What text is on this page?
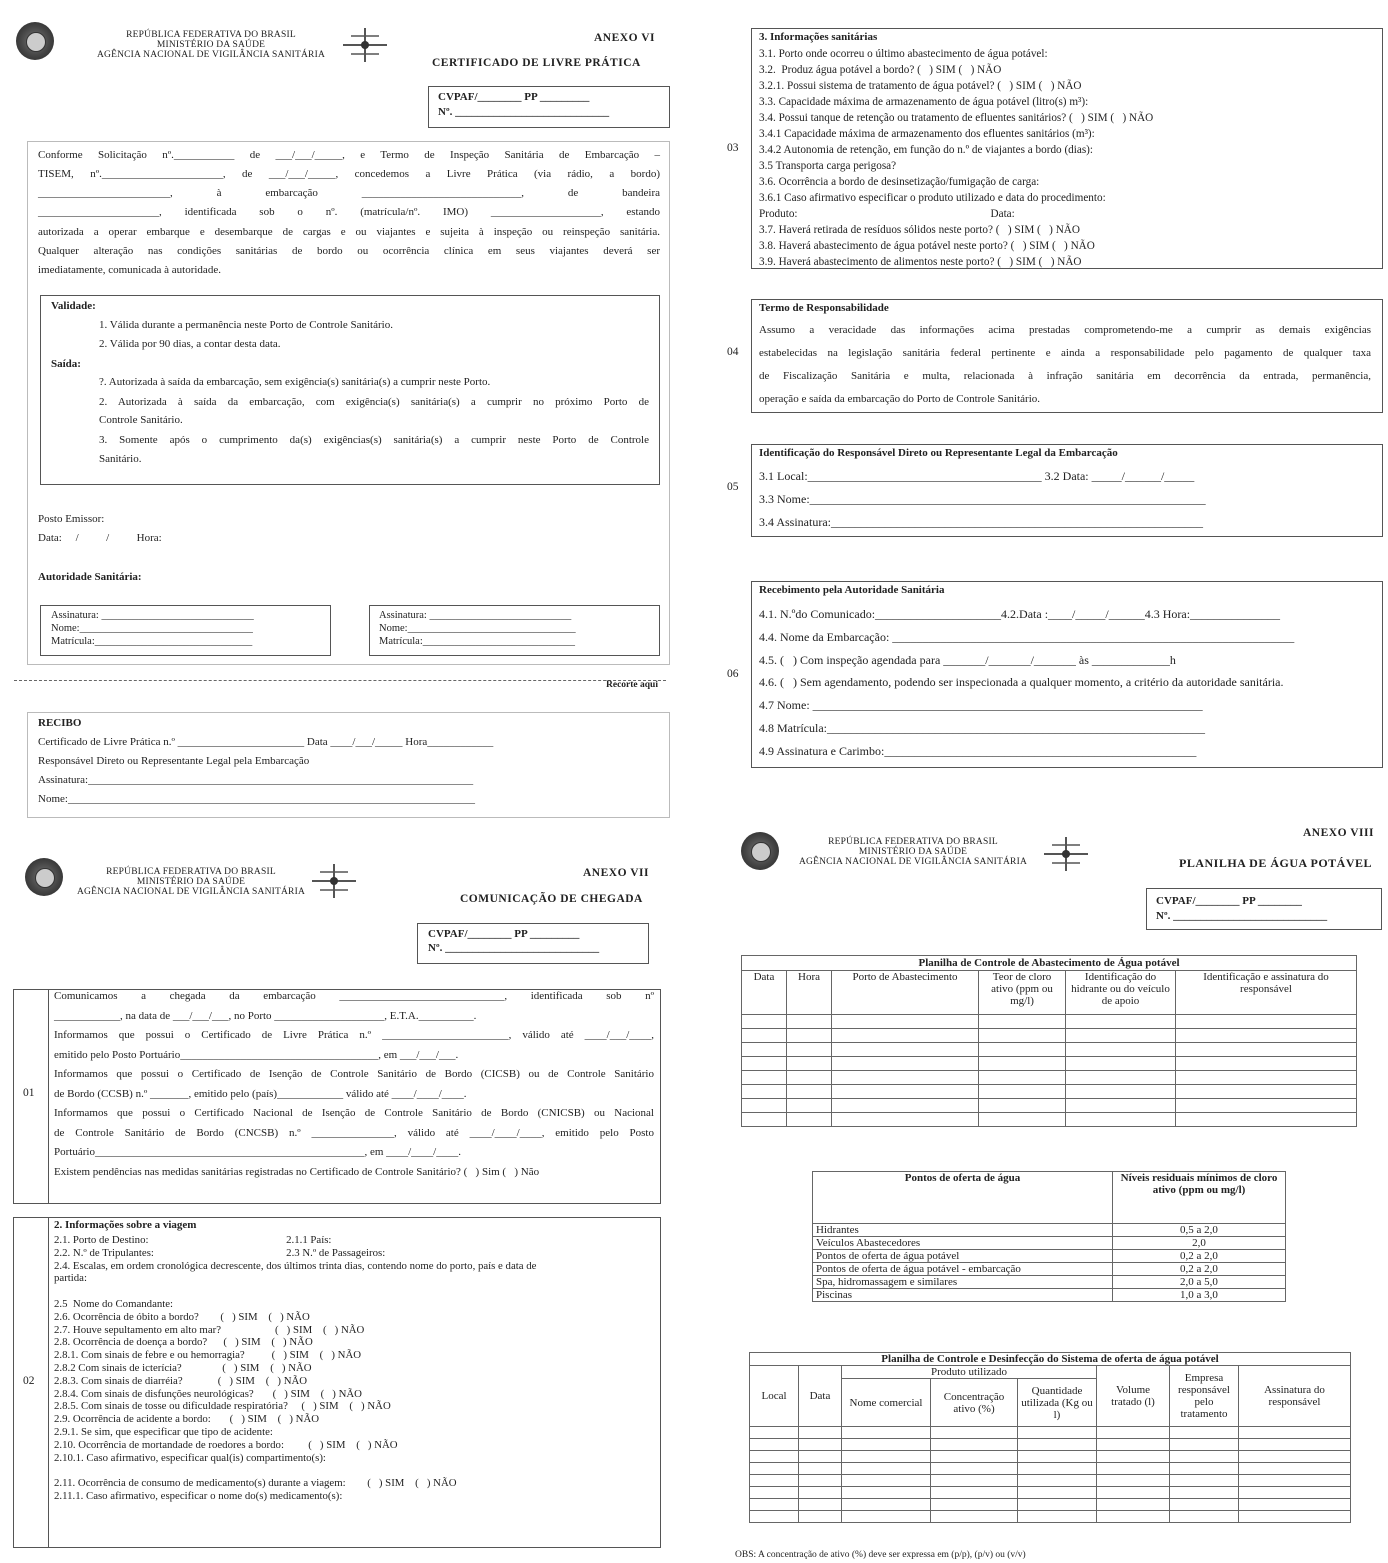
REPÚBLICA FEDERATIVA DO BRASIL
MINISTÉRIO DA SAÚDE
AGÊNCIA NACIONAL DE VIGILÂNCIA SANITÁRIA
ANEXO VI
CERTIFICADO DE LIVRE PRÁTICA
CVPAF/________ PP _________
Nº. ____________________________
Conforme Solicitação nº.___________ de ___/___/_____, e Termo de Inspeção Sanitária de Embarcação –
TISEM, nº.______________________, de ___/___/_____, concedemos a Livre Prática (via rádio, a bordo)
________________________, à embarcação _____________________________, de bandeira
______________________, identificada sob o nº. (matrícula/nº. IMO) ____________________, estando
autorizada a operar embarque e desembarque de cargas e ou viajantes e sujeita à inspeção ou reinspeção sanitária.
Qualquer alteração nas condições sanitárias de bordo ou ocorrência clínica em seus viajantes deverá ser
imediatamente, comunicada à autoridade.
Validade:
1. Válida durante a permanência neste Porto de Controle Sanitário.
2. Válida por 90 dias, a contar desta data.
Saída:
?. Autorizada à saída da embarcação, sem exigência(s) sanitária(s) a cumprir neste Porto.
2. Autorizada à saída da embarcação, com exigência(s) sanitária(s) a cumprir no próximo Porto de
Controle Sanitário.
3. Somente após o cumprimento da(s) exigências(s) sanitária(s) a cumprir neste Porto de Controle
Sanitário.
Posto Emissor:
Data:     /          /          Hora:
Autoridade Sanitária:
Assinatura: _____________________________
Nome:_________________________________
Matrícula:______________________________
Assinatura: ___________________________
Nome:________________________________
Matrícula:_____________________________
Recorte aqui
RECIBO
Certificado de Livre Prática n.º _______________________ Data ____/___/_____ Hora____________
Responsável Direto ou Representante Legal pela Embarcação
Assinatura:______________________________________________________________________
Nome:__________________________________________________________________________
03
3. Informações sanitárias
3.1. Porto onde ocorreu o último abastecimento de água potável:
3.2.  Produz água potável a bordo? (   ) SIM (   ) NÃO
3.2.1. Possui sistema de tratamento de água potável? (   ) SIM (   ) NÃO
3.3. Capacidade máxima de armazenamento de água potável (litro(s) m³):
3.4. Possui tanque de retenção ou tratamento de efluentes sanitários? (   ) SIM (   ) NÃO
3.4.1 Capacidade máxima de armazenamento dos efluentes sanitários (m³):
3.4.2 Autonomia de retenção, em função do n.º de viajantes a bordo (dias):
3.5 Transporta carga perigosa?
3.6. Ocorrência a bordo de desinsetização/fumigação de carga:
3.6.1 Caso afirmativo especificar o produto utilizado e data do procedimento:
Produto:                                                                     Data:
3.7. Haverá retirada de resíduos sólidos neste porto? (   ) SIM (   ) NÃO
3.8. Haverá abastecimento de água potável neste porto? (   ) SIM (   ) NÃO
3.9. Haverá abastecimento de alimentos neste porto? (   ) SIM (   ) NÃO
04
Termo de Responsabilidade
Assumo a veracidade das informações acima prestadas comprometendo-me a cumprir as demais exigências
estabelecidas na legislação sanitária federal pertinente e ainda a responsabilidade pelo pagamento de qualquer taxa
de Fiscalização Sanitária e multa, relacionada à infração sanitária em decorrência da entrada, permanência,
operação e saída da embarcação do Porto de Controle Sanitário.
05
Identificação do Responsável Direto ou Representante Legal da Embarcação
3.1 Local:_______________________________________ 3.2 Data: _____/______/_____
3.3 Nome:__________________________________________________________________
3.4 Assinatura:______________________________________________________________
06
Recebimento pela Autoridade Sanitária
4.1. N.ºdo Comunicado:_____________________4.2.Data :____/_____/______4.3 Hora:_______________
4.4. Nome da Embarcação: ___________________________________________________________________
4.5. (   ) Com inspeção agendada para _______/_______/_______ às _____________h
4.6. (   ) Sem agendamento, podendo ser inspecionada a qualquer momento, a critério da autoridade sanitária.
4.7 Nome: _________________________________________________________________
4.8 Matrícula:_______________________________________________________________
4.9 Assinatura e Carimbo:____________________________________________________
REPÚBLICA FEDERATIVA DO BRASIL
MINISTÉRIO DA SAÚDE
AGÊNCIA NACIONAL DE VIGILÂNCIA SANITÁRIA
ANEXO VII
COMUNICAÇÃO DE CHEGADA
CVPAF/________ PP _________
Nº. ____________________________
01
Comunicamos a chegada da embarcação ______________________________, identificada sob nº
____________, na data de ___/___/___, no Porto ____________________, E.T.A.__________.
Informamos que possui o Certificado de Livre Prática n.º _______________________, válido até ____/___/____,
emitido pelo Posto Portuário____________________________________, em ___/___/___.
Informamos que possui o Certificado de Isenção de Controle Sanitário de Bordo (CICSB) ou de Controle Sanitário
de Bordo (CCSB) n.º _______, emitido pelo (país)____________ válido até ____/____/____.
Informamos que possui o Certificado Nacional de Isenção de Controle Sanitário de Bordo (CNICSB) ou Nacional
de Controle Sanitário de Bordo (CNCSB) n.º _______________, válido até ____/____/____, emitido pelo Posto
Portuário_________________________________________________, em ____/____/____.
Existem pendências nas medidas sanitárias registradas no Certificado de Controle Sanitário? (   ) Sim (   ) Não
02
2. Informações sobre a viagem
2.1. Porto de Destino:                                                   2.1.1 País:
2.2. N.º de Tripulantes:                                                 2.3 N.º de Passageiros:
2.4. Escalas, em ordem cronológica decrescente, dos últimos trinta dias, contendo nome do porto, país e data de
partida:
2.5  Nome do Comandante:
2.6. Ocorrência de óbito a bordo?        (   ) SIM    (   ) NÃO
2.7. Houve sepultamento em alto mar?                    (   ) SIM    (   ) NÃO
2.8. Ocorrência de doença a bordo?      (   ) SIM    (   ) NÃO
2.8.1. Com sinais de febre e ou hemorragia?          (   ) SIM    (   ) NÃO
2.8.2 Com sinais de icterícia?               (   ) SIM    (   ) NÃO
2.8.3. Com sinais de diarréia?             (   ) SIM    (   ) NÃO
2.8.4. Com sinais de disfunções neurológicas?       (   ) SIM    (   ) NÃO
2.8.5. Com sinais de tosse ou dificuldade respiratória?     (   ) SIM    (   ) NÃO
2.9. Ocorrência de acidente a bordo:       (   ) SIM    (   ) NÃO
2.9.1. Se sim, que especificar que tipo de acidente:
2.10. Ocorrência de mortandade de roedores a bordo:         (   ) SIM    (   ) NÃO
2.10.1. Caso afirmativo, especificar qual(is) compartimento(s):
2.11. Ocorrência de consumo de medicamento(s) durante a viagem:        (   ) SIM    (   ) NÃO
2.11.1. Caso afirmativo, especificar o nome do(s) medicamento(s):
REPÚBLICA FEDERATIVA DO BRASIL
MINISTÉRIO DA SAÚDE
AGÊNCIA NACIONAL DE VIGILÂNCIA SANITÁRIA
ANEXO VIII
PLANILHA DE ÁGUA POTÁVEL
CVPAF/________ PP ________
Nº. ____________________________
Planilha de Controle de Abastecimento de Água potável					
Data	Hora	Porto de Abastecimento	Teor de cloro ativo (ppm ou mg/l)	Identificação do hidrante ou do veículo de apoio	Identificação e assinatura do responsável

Pontos de oferta de água	Níveis residuais mínimos de cloro ativo (ppm ou mg/l)
Hidrantes	0,5 a 2,0
Veículos Abastecedores	2,0
Pontos de oferta de água potável	0,2 a 2,0
Pontos de oferta de água potável - embarcação	0,2 a 2,0
Spa, hidromassagem e similares	2,0 a 5,0
Piscinas	1,0 a 3,0
Planilha de Controle e Desinfecção do Sistema de oferta de água potável							
Local	Data	Produto utilizado			Volume tratado (l)	Empresa responsável pelo tratamento	Assinatura do responsável
		Nome comercial	Concentração ativo (%)	Quantidade utilizada (Kg ou l)			

OBS: A concentração de ativo (%) deve ser expressa em (p/p), (p/v) ou (v/v)
